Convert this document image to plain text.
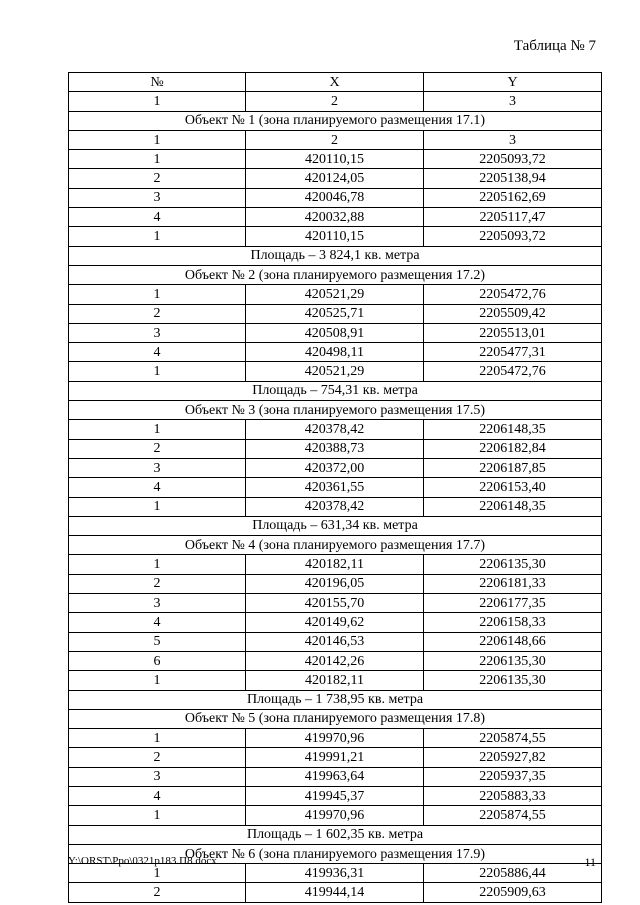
Таблица № 7
№	X	Y
1	2	3
Объект № 1 (зона планируемого размещения 17.1)		
1	2	3
1	420110,15	2205093,72
2	420124,05	2205138,94
3	420046,78	2205162,69
4	420032,88	2205117,47
1	420110,15	2205093,72
Площадь – 3 824,1 кв. метра		
Объект № 2 (зона планируемого размещения 17.2)		
1	420521,29	2205472,76
2	420525,71	2205509,42
3	420508,91	2205513,01
4	420498,11	2205477,31
1	420521,29	2205472,76
Площадь – 754,31 кв. метра		
Объект № 3 (зона планируемого размещения 17.5)		
1	420378,42	2206148,35
2	420388,73	2206182,84
3	420372,00	2206187,85
4	420361,55	2206153,40
1	420378,42	2206148,35
Площадь – 631,34 кв. метра		
Объект № 4 (зона планируемого размещения 17.7)		
1	420182,11	2206135,30
2	420196,05	2206181,33
3	420155,70	2206177,35
4	420149,62	2206158,33
5	420146,53	2206148,66
6	420142,26	2206135,30
1	420182,11	2206135,30
Площадь – 1 738,95 кв. метра		
Объект № 5 (зона планируемого размещения 17.8)		
1	419970,96	2205874,55
2	419991,21	2205927,82
3	419963,64	2205937,35
4	419945,37	2205883,33
1	419970,96	2205874,55
Площадь – 1 602,35 кв. метра		
Объект № 6 (зона планируемого размещения 17.9)		
1	419936,31	2205886,44
2	419944,14	2205909,63
Y:\ORST\Ppo\0321p183.П8.docx	11
